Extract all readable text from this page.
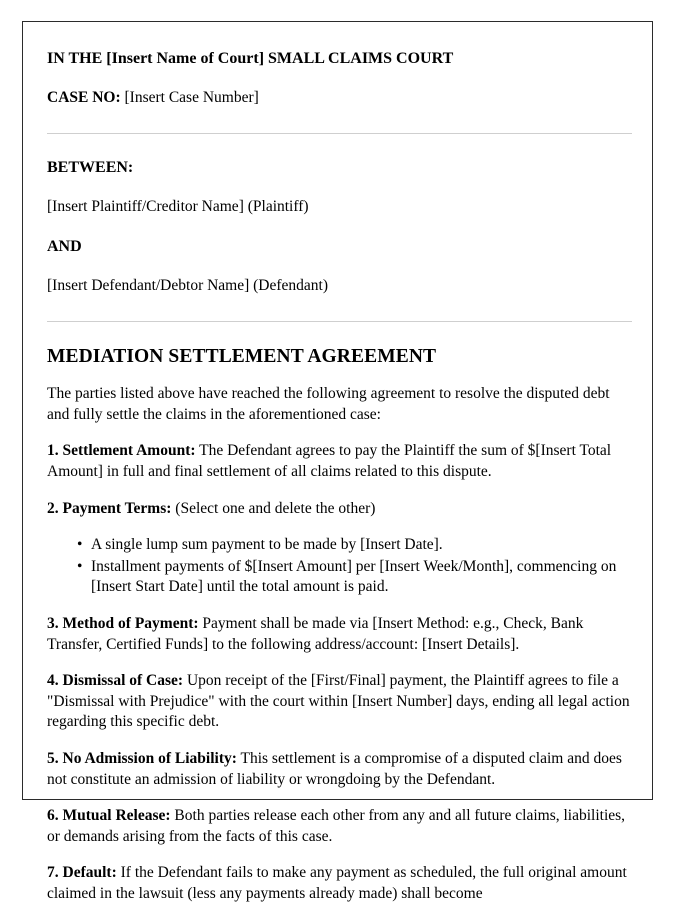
IN THE [Insert Name of Court] SMALL CLAIMS COURT

CASE NO: [Insert Case Number]

BETWEEN:

[Insert Plaintiff/Creditor Name] (Plaintiff)

AND

[Insert Defendant/Debtor Name] (Defendant)

MEDIATION SETTLEMENT AGREEMENT

The parties listed above have reached the following agreement to resolve the disputed debt and fully settle the claims in the aforementioned case:

1. Settlement Amount: The Defendant agrees to pay the Plaintiff the sum of $[Insert Total Amount] in full and final settlement of all claims related to this dispute.

2. Payment Terms: (Select one and delete the other)

• A single lump sum payment to be made by [Insert Date].
• Installment payments of $[Insert Amount] per [Insert Week/Month], commencing on [Insert Start Date] until the total amount is paid.

3. Method of Payment: Payment shall be made via [Insert Method: e.g., Check, Bank Transfer, Certified Funds] to the following address/account: [Insert Details].

4. Dismissal of Case: Upon receipt of the [First/Final] payment, the Plaintiff agrees to file a "Dismissal with Prejudice" with the court within [Insert Number] days, ending all legal action regarding this specific debt.

5. No Admission of Liability: This settlement is a compromise of a disputed claim and does not constitute an admission of liability or wrongdoing by the Defendant.

6. Mutual Release: Both parties release each other from any and all future claims, liabilities, or demands arising from the facts of this case.

7. Default: If the Defendant fails to make any payment as scheduled, the full original amount claimed in the lawsuit (less any payments already made) shall become
